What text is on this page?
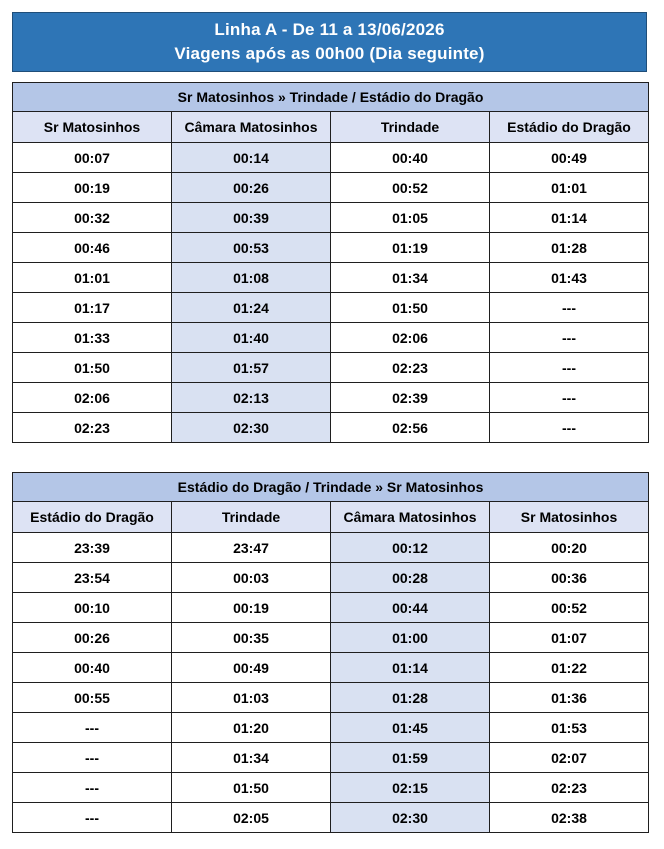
Linha A - De 11 a 13/06/2026
Viagens após as 00h00 (Dia seguinte)
Sr Matosinhos » Trindade / Estádio do Dragão			
Sr Matosinhos	Câmara Matosinhos	Trindade	Estádio do Dragão
00:07	00:14	00:40	00:49
00:19	00:26	00:52	01:01
00:32	00:39	01:05	01:14
00:46	00:53	01:19	01:28
01:01	01:08	01:34	01:43
01:17	01:24	01:50	---
01:33	01:40	02:06	---
01:50	01:57	02:23	---
02:06	02:13	02:39	---
02:23	02:30	02:56	---
Estádio do Dragão / Trindade » Sr Matosinhos			
Estádio do Dragão	Trindade	Câmara Matosinhos	Sr Matosinhos
23:39	23:47	00:12	00:20
23:54	00:03	00:28	00:36
00:10	00:19	00:44	00:52
00:26	00:35	01:00	01:07
00:40	00:49	01:14	01:22
00:55	01:03	01:28	01:36
---	01:20	01:45	01:53
---	01:34	01:59	02:07
---	01:50	02:15	02:23
---	02:05	02:30	02:38
